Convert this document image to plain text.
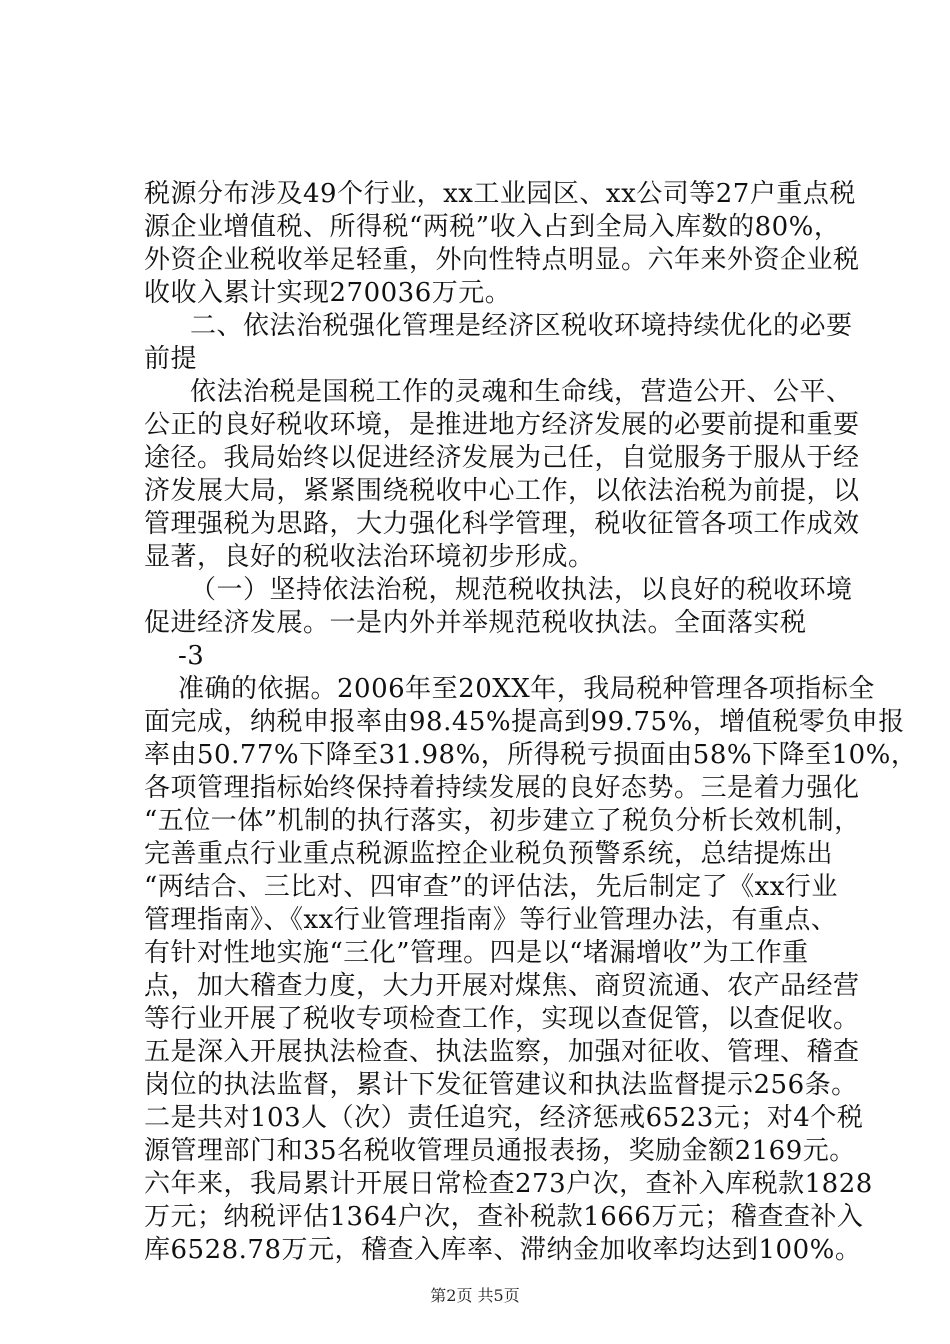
税源分布涉及49个行业，xx工业园区、xx公司等27户重点税
源企业增值税、所得税“两税”收入占到全局入库数的80%，
外资企业税收举足轻重，外向性特点明显。六年来外资企业税
收收入累计实现270036万元。
二、依法治税强化管理是经济区税收环境持续优化的必要
前提
依法治税是国税工作的灵魂和生命线，营造公开、公平、
公正的良好税收环境，是推进地方经济发展的必要前提和重要
途径。我局始终以促进经济发展为己任，自觉服务于服从于经
济发展大局，紧紧围绕税收中心工作，以依法治税为前提，以
管理强税为思路，大力强化科学管理，税收征管各项工作成效
显著，良好的税收法治环境初步形成。
（一）坚持依法治税，规范税收执法，以良好的税收环境
促进经济发展。一是内外并举规范税收执法。全面落实税
-3
准确的依据。2006年至20XX年，我局税种管理各项指标全
面完成，纳税申报率由98.45%提高到99.75%，增值税零负申报
率由50.77%下降至31.98%，所得税亏损面由58%下降至10%，
各项管理指标始终保持着持续发展的良好态势。三是着力强化
“五位一体”机制的执行落实，初步建立了税负分析长效机制，
完善重点行业重点税源监控企业税负预警系统，总结提炼出
“两结合、三比对、四审查”的评估法，先后制定了《xx行业
管理指南》、《xx行业管理指南》等行业管理办法，有重点、
有针对性地实施“三化”管理。四是以“堵漏增收”为工作重
点，加大稽查力度，大力开展对煤焦、商贸流通、农产品经营
等行业开展了税收专项检查工作，实现以查促管，以查促收。
五是深入开展执法检查、执法监察，加强对征收、管理、稽查
岗位的执法监督，累计下发征管建议和执法监督提示256条。
二是共对103人（次）责任追究，经济惩戒6523元；对4个税
源管理部门和35名税收管理员通报表扬，奖励金额2169元。
六年来，我局累计开展日常检查273户次，查补入库税款1828
万元；纳税评估1364户次，查补税款1666万元；稽查查补入
库6528.78万元，稽查入库率、滞纳金加收率均达到100%。
第2页 共5页
